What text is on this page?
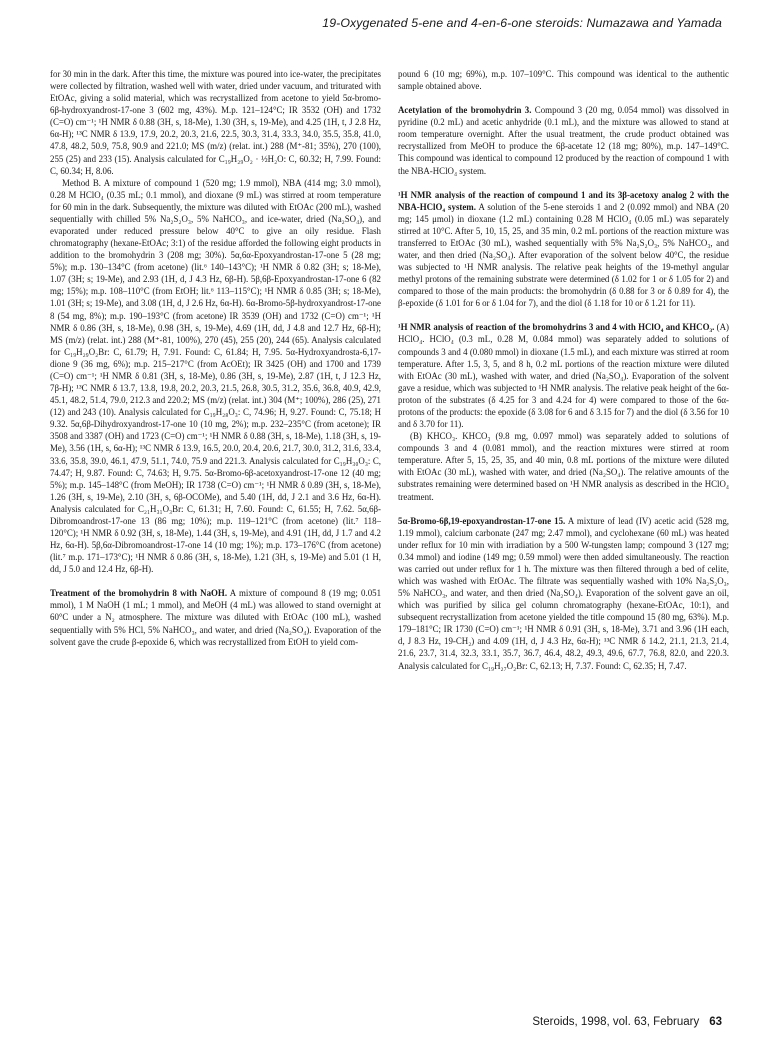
19-Oxygenated 5-ene and 4-en-6-one steroids: Numazawa and Yamada

for 30 min in the dark. After this time, the mixture was poured into ice-water, the precipitates were collected by filtration, washed well with water, dried under vacuum, and triturated with EtOAc, giving a solid material, which was recrystallized from acetone to yield 5α-bromo-6β-hydroxyandrost-17-one 3 (602 mg, 43%). M.p. 121–124°C; IR 3532 (OH) and 1732 (C=O) cm⁻¹; ¹H NMR δ 0.88 (3H, s, 18-Me), 1.30 (3H, s, 19-Me), and 4.25 (1H, t, J 2.8 Hz, 6α-H); ¹³C NMR δ 13.9, 17.9, 20.2, 20.3, 21.6, 22.5, 30.3, 31.4, 33.3, 34.0, 35.5, 35.8, 41.0, 47.8, 48.2, 50.9, 75.8, 90.9 and 221.0; MS (m/z) (relat. int.) 288 (M⁺-81; 35%), 270 (100), 255 (25) and 233 (15). Analysis calculated for C₁₉H₂₉O₂ · ½H₂O: C, 60.32; H, 7.99. Found: C, 60.34; H, 8.06.

Method B. A mixture of compound 1 (520 mg; 1.9 mmol), NBA (414 mg; 3.0 mmol), 0.28 M HClO₄ (0.35 mL; 0.1 mmol), and dioxane (9 mL) was stirred at room temperature for 60 min in the dark. Subsequently, the mixture was diluted with EtOAc (200 mL), washed sequentially with chilled 5% Na₂S₂O₃, 5% NaHCO₃, and ice-water, dried (Na₂SO₄), and evaporated under reduced pressure below 40°C to give an oily residue. Flash chromatography (hexane-EtOAc; 3:1) of the residue afforded the following eight products in addition to the bromohydrin 3 (208 mg; 30%). 5α,6α-Epoxyandrostan-17-one 5 (28 mg; 5%); m.p. 130–134°C (from acetone) (lit.⁶ 140–143°C); ¹H NMR δ 0.82 (3H; s; 18-Me), 1.07 (3H; s; 19-Me), and 2.93 (1H, d, J 4.3 Hz, 6β-H). 5β,6β-Epoxyandrostan-17-one 6 (82 mg; 15%); m.p. 108–110°C (from EtOH; lit.⁶ 113–115°C); ¹H NMR δ 0.85 (3H; s; 18-Me), 1.01 (3H; s; 19-Me), and 3.08 (1H, d, J 2.6 Hz, 6α-H). 6α-Bromo-5β-hydroxyandrost-17-one 8 (54 mg, 8%); m.p. 190–193°C (from acetone) IR 3539 (OH) and 1732 (C=O) cm⁻¹; ¹H NMR δ 0.86 (3H, s, 18-Me), 0.98 (3H, s, 19-Me), 4.69 (1H, dd, J 4.8 and 12.7 Hz, 6β-H); MS (m/z) (relat. int.) 288 (M⁺-81, 100%), 270 (45), 255 (20), 244 (65). Analysis calculated for C₁₉H₂₉O₂Br: C, 61.79; H, 7.91. Found: C, 61.84; H, 7.95. 5α-Hydroxyandrosta-6,17-dione 9 (36 mg, 6%); m.p. 215–217°C (from AcOEt); IR 3425 (OH) and 1700 and 1739 (C=O) cm⁻¹; ¹H NMR δ 0.81 (3H, s, 18-Me), 0.86 (3H, s, 19-Me), 2.87 (1H, t, J 12.3 Hz, 7β-H); ¹³C NMR δ 13.7, 13.8, 19.8, 20.2, 20.3, 21.5, 26.8, 30.5, 31.2, 35.6, 36.8, 40.9, 42.9, 45.1, 48.2, 51.4, 79.0, 212.3 and 220.2; MS (m/z) (relat. int.) 304 (M⁺; 100%), 286 (25), 271 (12) and 243 (10). Analysis calculated for C₁₉H₂₈O₃: C, 74.96; H, 9.27. Found: C, 75.18; H 9.32. 5α,6β-Dihydroxyandrost-17-one 10 (10 mg, 2%); m.p. 232–235°C (from acetone); IR 3508 and 3387 (OH) and 1723 (C=O) cm⁻¹; ¹H NMR δ 0.88 (3H, s, 18-Me), 1.18 (3H, s, 19-Me), 3.56 (1H, s, 6α-H); ¹³C NMR δ 13.9, 16.5, 20.0, 20.4, 20.6, 21.7, 30.0, 31.2, 31.6, 33.4, 33.6, 35.8, 39.0, 46.1, 47.9, 51.1, 74.0, 75.9 and 221.3. Analysis calculated for C₁₉H₃₀O₃: C, 74.47; H, 9.87. Found: C, 74.63; H, 9.75. 5α-Bromo-6β-acetoxyandrost-17-one 12 (40 mg; 5%); m.p. 145–148°C (from MeOH); IR 1738 (C=O) cm⁻¹; ¹H NMR δ 0.89 (3H, s, 18-Me), 1.26 (3H, s, 19-Me), 2.10 (3H, s, 6β-OCOMe), and 5.40 (1H, dd, J 2.1 and 3.6 Hz, 6α-H). Analysis calculated for C₂₁H₃₁O₃Br: C, 61.31; H, 7.60. Found: C, 61.55; H, 7.62. 5α,6β-Dibromoandrost-17-one 13 (86 mg; 10%); m.p. 119–121°C (from acetone) (lit.⁷ 118–120°C); ¹H NMR δ 0.92 (3H, s, 18-Me), 1.44 (3H, s, 19-Me), and 4.91 (1H, dd, J 1.7 and 4.2 Hz, 6α-H). 5β,6α-Dibromoandrost-17-one 14 (10 mg; 1%); m.p. 173–176°C (from acetone) (lit.⁷ m.p. 171–173°C); ¹H NMR δ 0.86 (3H, s, 18-Me), 1.21 (3H, s, 19-Me) and 5.01 (1 H, dd, J 5.0 and 12.4 Hz, 6β-H).

Treatment of the bromohydrin 8 with NaOH. A mixture of compound 8 (19 mg; 0.051 mmol), 1 M NaOH (1 mL; 1 mmol), and MeOH (4 mL) was allowed to stand overnight at 60°C under a N₂ atmosphere. The mixture was diluted with EtOAc (100 mL), washed sequentially with 5% HCl, 5% NaHCO₃, and water, and dried (Na₂SO₄). Evaporation of the solvent gave the crude β-epoxide 6, which was recrystallized from EtOH to yield com-

pound 6 (10 mg; 69%), m.p. 107–109°C. This compound was identical to the authentic sample obtained above.

Acetylation of the bromohydrin 3. Compound 3 (20 mg, 0.054 mmol) was dissolved in pyridine (0.2 mL) and acetic anhydride (0.1 mL), and the mixture was allowed to stand at room temperature overnight. After the usual treatment, the crude product obtained was recrystallized from MeOH to produce the 6β-acetate 12 (18 mg; 80%), m.p. 147–149°C. This compound was identical to compound 12 produced by the reaction of compound 1 with the NBA-HClO₄ system.

¹H NMR analysis of the reaction of compound 1 and its 3β-acetoxy analog 2 with the NBA-HClO₄ system. A solution of the 5-ene steroids 1 and 2 (0.092 mmol) and NBA (20 mg; 145 μmol) in dioxane (1.2 mL) containing 0.28 M HClO₄ (0.05 mL) was separately stirred at 10°C. After 5, 10, 15, 25, and 35 min, 0.2 mL portions of the reaction mixture was transferred to EtOAc (30 mL), washed sequentially with 5% Na₂S₂O₃, 5% NaHCO₃, and water, and then dried (Na₂SO₄). After evaporation of the solvent below 40°C, the residue was subjected to ¹H NMR analysis. The relative peak heights of the 19-methyl angular methyl protons of the remaining substrate were determined (δ 1.02 for 1 or δ 1.05 for 2) and compared to those of the main products: the bromohydrin (δ 0.88 for 3 or δ 0.89 for 4), the β-epoxide (δ 1.01 for 6 or δ 1.04 for 7), and the diol (δ 1.18 for 10 or δ 1.21 for 11).

¹H NMR analysis of reaction of the bromohydrins 3 and 4 with HClO₄ and KHCO₃. (A) HClO₄. HClO₄ (0.3 mL, 0.28 M, 0.084 mmol) was separately added to solutions of compounds 3 and 4 (0.080 mmol) in dioxane (1.5 mL), and each mixture was stirred at room temperature. After 1.5, 3, 5, and 8 h, 0.2 mL portions of the reaction mixture were diluted with EtOAc (30 mL), washed with water, and dried (Na₂SO₄). Evaporation of the solvent gave a residue, which was subjected to ¹H NMR analysis. The relative peak height of the 6α-proton of the substrates (δ 4.25 for 3 and 4.24 for 4) were compared to those of the 6α-protons of the products: the epoxide (δ 3.08 for 6 and δ 3.15 for 7) and the diol (δ 3.56 for 10 and δ 3.70 for 11).

(B) KHCO₃. KHCO₃ (9.8 mg, 0.097 mmol) was separately added to solutions of compounds 3 and 4 (0.081 mmol), and the reaction mixtures were stirred at room temperature. After 5, 15, 25, 35, and 40 min, 0.8 mL portions of the mixture were diluted with EtOAc (30 mL), washed with water, and dried (Na₂SO₄). The relative amounts of the substrates remaining were determined based on ¹H NMR analysis as described in the HClO₄ treatment.

5α-Bromo-6β,19-epoxyandrostan-17-one 15. A mixture of lead (IV) acetic acid (528 mg, 1.19 mmol), calcium carbonate (247 mg; 2.47 mmol), and cyclohexane (60 mL) was heated under reflux for 10 min with irradiation by a 500 W-tungsten lamp; compound 3 (127 mg; 0.34 mmol) and iodine (149 mg; 0.59 mmol) were then added simultaneously. The reaction was carried out under reflux for 1 h. The mixture was then filtered through a bed of celite, which was washed with EtOAc. The filtrate was sequentially washed with 10% Na₂S₂O₃, 5% NaHCO₃, and water, and then dried (Na₂SO₄). Evaporation of the solvent gave an oil, which was purified by silica gel column chromatography (hexane-EtOAc, 10:1), and subsequent recrystallization from acetone yielded the title compound 15 (80 mg, 63%). M.p. 179–181°C; IR 1730 (C=O) cm⁻¹; ¹H NMR δ 0.91 (3H, s, 18-Me), 3.71 and 3.96 (1H each, d, J 8.3 Hz, 19-CH₂) and 4.09 (1H, d, J 4.3 Hz, 6α-H); ¹³C NMR δ 14.2, 21.1, 21.3, 21.4, 21.6, 23.7, 31.4, 32.3, 33.1, 35.7, 36.7, 46.4, 48.2, 49.3, 49.6, 67.7, 76.8, 82.0, and 220.3. Analysis calculated for C₁₉H₂₇O₂Br: C, 62.13; H, 7.37. Found: C, 62.35; H, 7.47.

Steroids, 1998, vol. 63, February 63
